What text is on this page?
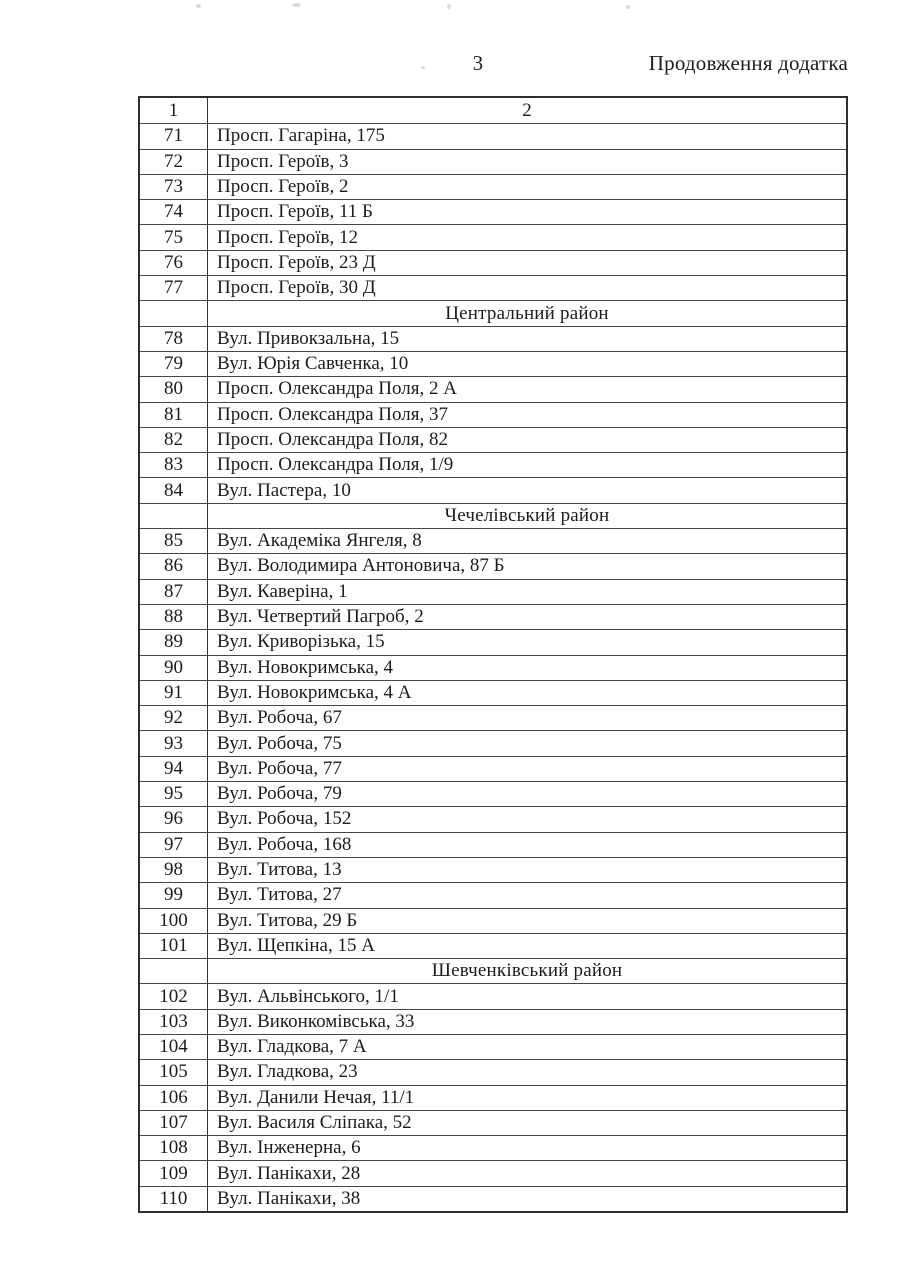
3	Продовження додатка
1	2
71	Просп. Гагаріна, 175
72	Просп. Героїв, 3
73	Просп. Героїв, 2
74	Просп. Героїв, 11 Б
75	Просп. Героїв, 12
76	Просп. Героїв, 23 Д
77	Просп. Героїв, 30 Д
Центральний район
78	Вул. Привокзальна, 15
79	Вул. Юрія Савченка, 10
80	Просп. Олександра Поля, 2 А
81	Просп. Олександра Поля, 37
82	Просп. Олександра Поля, 82
83	Просп. Олександра Поля, 1/9
84	Вул. Пастера, 10
Чечелівський район
85	Вул. Академіка Янгеля, 8
86	Вул. Володимира Антоновича, 87 Б
87	Вул. Каверіна, 1
88	Вул. Четвертий Пагроб, 2
89	Вул. Криворізька, 15
90	Вул. Новокримська, 4
91	Вул. Новокримська, 4 А
92	Вул. Робоча, 67
93	Вул. Робоча, 75
94	Вул. Робоча, 77
95	Вул. Робоча, 79
96	Вул. Робоча, 152
97	Вул. Робоча, 168
98	Вул. Титова, 13
99	Вул. Титова, 27
100	Вул. Титова, 29 Б
101	Вул. Щепкіна, 15 А
Шевченківський район
102	Вул. Альвінського, 1/1
103	Вул. Виконкомівська, 33
104	Вул. Гладкова, 7 А
105	Вул. Гладкова, 23
106	Вул. Данили Нечая, 11/1
107	Вул. Василя Сліпака, 52
108	Вул. Інженерна, 6
109	Вул. Панікахи, 28
110	Вул. Панікахи, 38
